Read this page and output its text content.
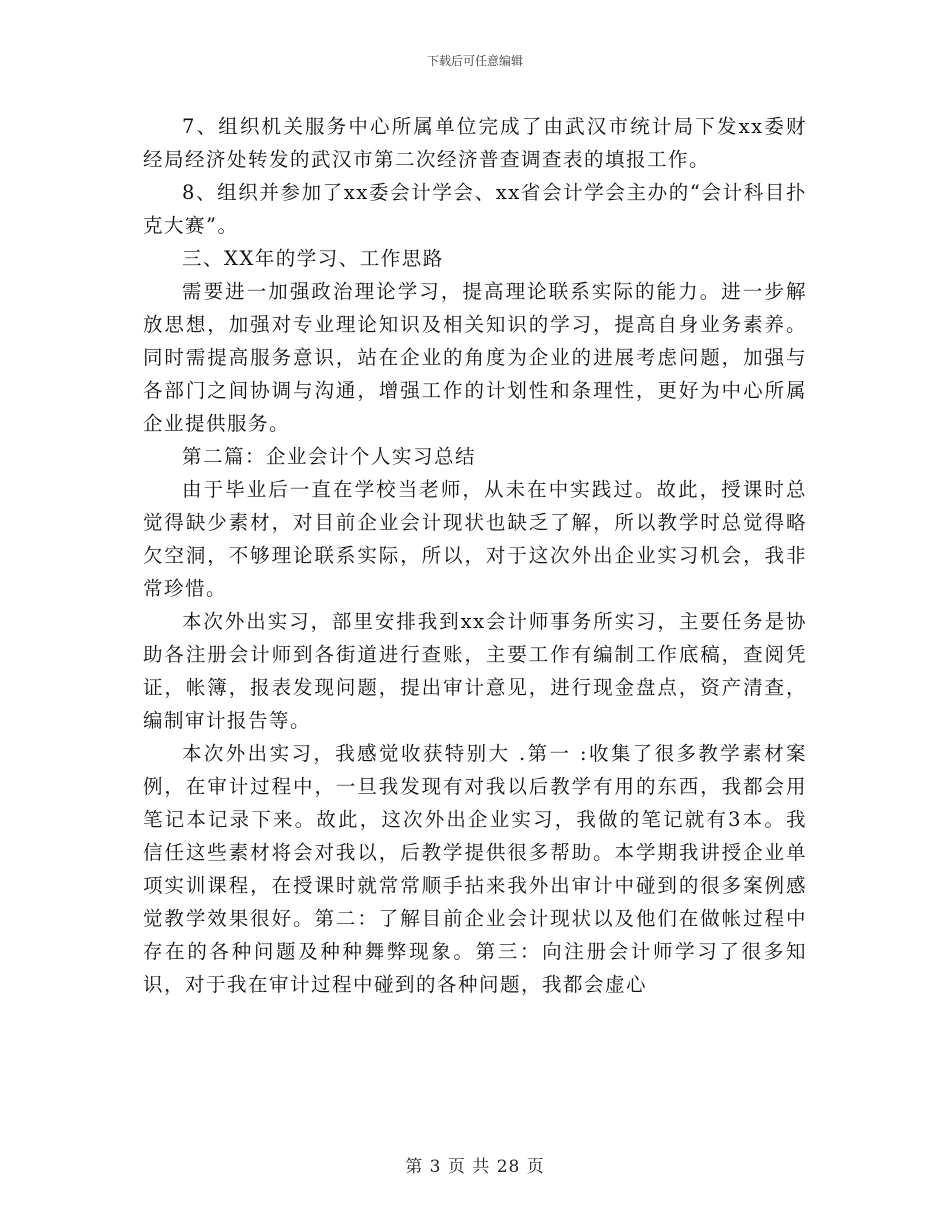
下载后可任意编辑

7、组织机关服务中心所属单位完成了由武汉市统计局下发xx委财经局经济处转发的武汉市第二次经济普查调查表的填报工作。

8、组织并参加了xx委会计学会、xx省会计学会主办的“会计科目扑克大赛”。

三、XX年的学习、工作思路

需要进一加强政治理论学习，提高理论联系实际的能力。进一步解放思想，加强对专业理论知识及相关知识的学习，提高自身业务素养。同时需提高服务意识，站在企业的角度为企业的进展考虑问题，加强与各部门之间协调与沟通，增强工作的计划性和条理性，更好为中心所属企业提供服务。

第二篇：企业会计个人实习总结

由于毕业后一直在学校当老师，从未在中实践过。故此，授课时总觉得缺少素材，对目前企业会计现状也缺乏了解，所以教学时总觉得略欠空洞，不够理论联系实际，所以，对于这次外出企业实习机会，我非常珍惜。

本次外出实习，部里安排我到xx会计师事务所实习，主要任务是协助各注册会计师到各街道进行查账，主要工作有编制工作底稿，查阅凭证，帐簿，报表发现问题，提出审计意见，进行现金盘点，资产清查，编制审计报告等。

本次外出实习，我感觉收获特别大 .第一 :收集了很多教学素材案例，在审计过程中，一旦我发现有对我以后教学有用的东西，我都会用笔记本记录下来。故此，这次外出企业实习，我做的笔记就有3本。我信任这些素材将会对我以，后教学提供很多帮助。本学期我讲授企业单项实训课程，在授课时就常常顺手拈来我外出审计中碰到的很多案例感觉教学效果很好。第二：了解目前企业会计现状以及他们在做帐过程中存在的各种问题及种种舞弊现象。第三：向注册会计师学习了很多知识，对于我在审计过程中碰到的各种问题，我都会虚心

第 3 页 共 28 页
